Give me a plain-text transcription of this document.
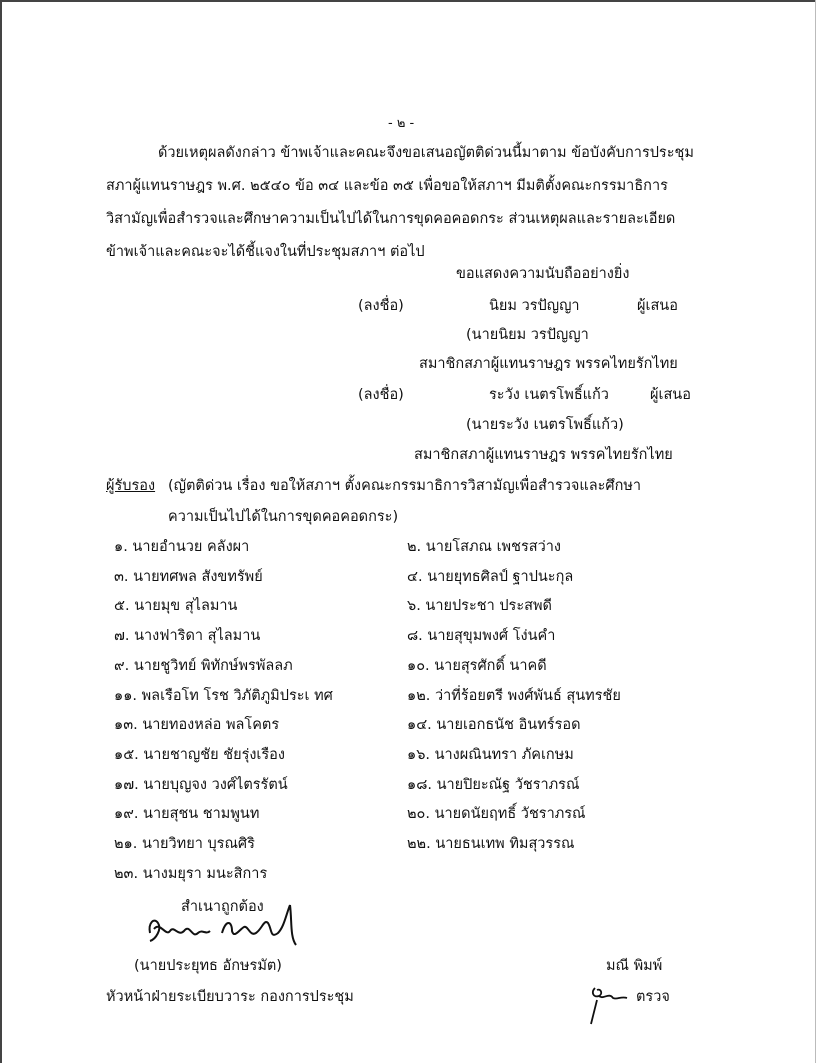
- ๒ -
ด้วยเหตุผลดังกล่าว ข้าพเจ้าและคณะจึงขอเสนอญัตติด่วนนี้มาตาม ข้อบังคับการประชุมสภาผู้แทนราษฎร พ.ศ. ๒๕๔๐ ข้อ ๓๔ และข้อ ๓๕ เพื่อขอให้สภาฯ มีมติตั้งคณะกรรมาธิการวิสามัญเพื่อสำรวจและศึกษาความเป็นไปได้ในการขุดคอคอดกระ ส่วนเหตุผลและรายละเอียด ข้าพเจ้าและคณะจะได้ชี้แจงในที่ประชุมสภาฯ ต่อไป
ขอแสดงความนับถืออย่างยิ่ง
(ลงชื่อ)	นิยม วรปัญญา	ผู้เสนอ
(นายนิยม วรปัญญา
สมาชิกสภาผู้แทนราษฎร พรรคไทยรักไทย
(ลงชื่อ)	ระวัง เนตรโพธิ์แก้ว	ผู้เสนอ
(นายระวัง เนตรโพธิ์แก้ว)
สมาชิกสภาผู้แทนราษฎร พรรคไทยรักไทย
ผู้รับรอง (ญัตติด่วน เรื่อง ขอให้สภาฯ ตั้งคณะกรรมาธิการวิสามัญเพื่อสำรวจและศึกษา
ความเป็นไปได้ในการขุดคอคอดกระ)
๑. นายอำนวย คลังผา	๒. นายโสภณ เพชรสว่าง
๓. นายทศพล สังขทรัพย์	๔. นายยุทธศิลป์ ฐาปนะกุล
๕. นายมุข สุไลมาน	๖. นายประชา ประสพดี
๗. นางฟาริดา สุไลมาน	๘. นายสุขุมพงศ์ โง่นคำ
๙. นายชูวิทย์ พิทักษ์พรพัลลภ	๑๐. นายสุรศักดิ์ นาคดี
๑๑. พลเรือโท โรช วิภัติภูมิประเ ทศ	๑๒. ว่าที่ร้อยตรี พงศ์พันธ์ สุนทรชัย
๑๓. นายทองหล่อ พลโคตร	๑๔. นายเอกธนัช อินทร์รอด
๑๕. นายชาญชัย ชัยรุ่งเรือง	๑๖. นางผณินทรา ภัคเกษม
๑๗. นายบุญจง วงศ์ไตรรัตน์	๑๘. นายปิยะณัฐ วัชราภรณ์
๑๙. นายสุชน ชามพูนท	๒๐. นายดนัยฤทธิ์ วัชราภรณ์
๒๑. นายวิทยา บุรณศิริ	๒๒. นายธนเทพ ทิมสุวรรณ
๒๓. นางมยุรา มนะสิการ
สำเนาถูกต้อง
(นายประยุทธ อักษรมัต)
หัวหน้าฝ่ายระเบียบวาระ กองการประชุม
มณี พิมพ์
ตรวจ
